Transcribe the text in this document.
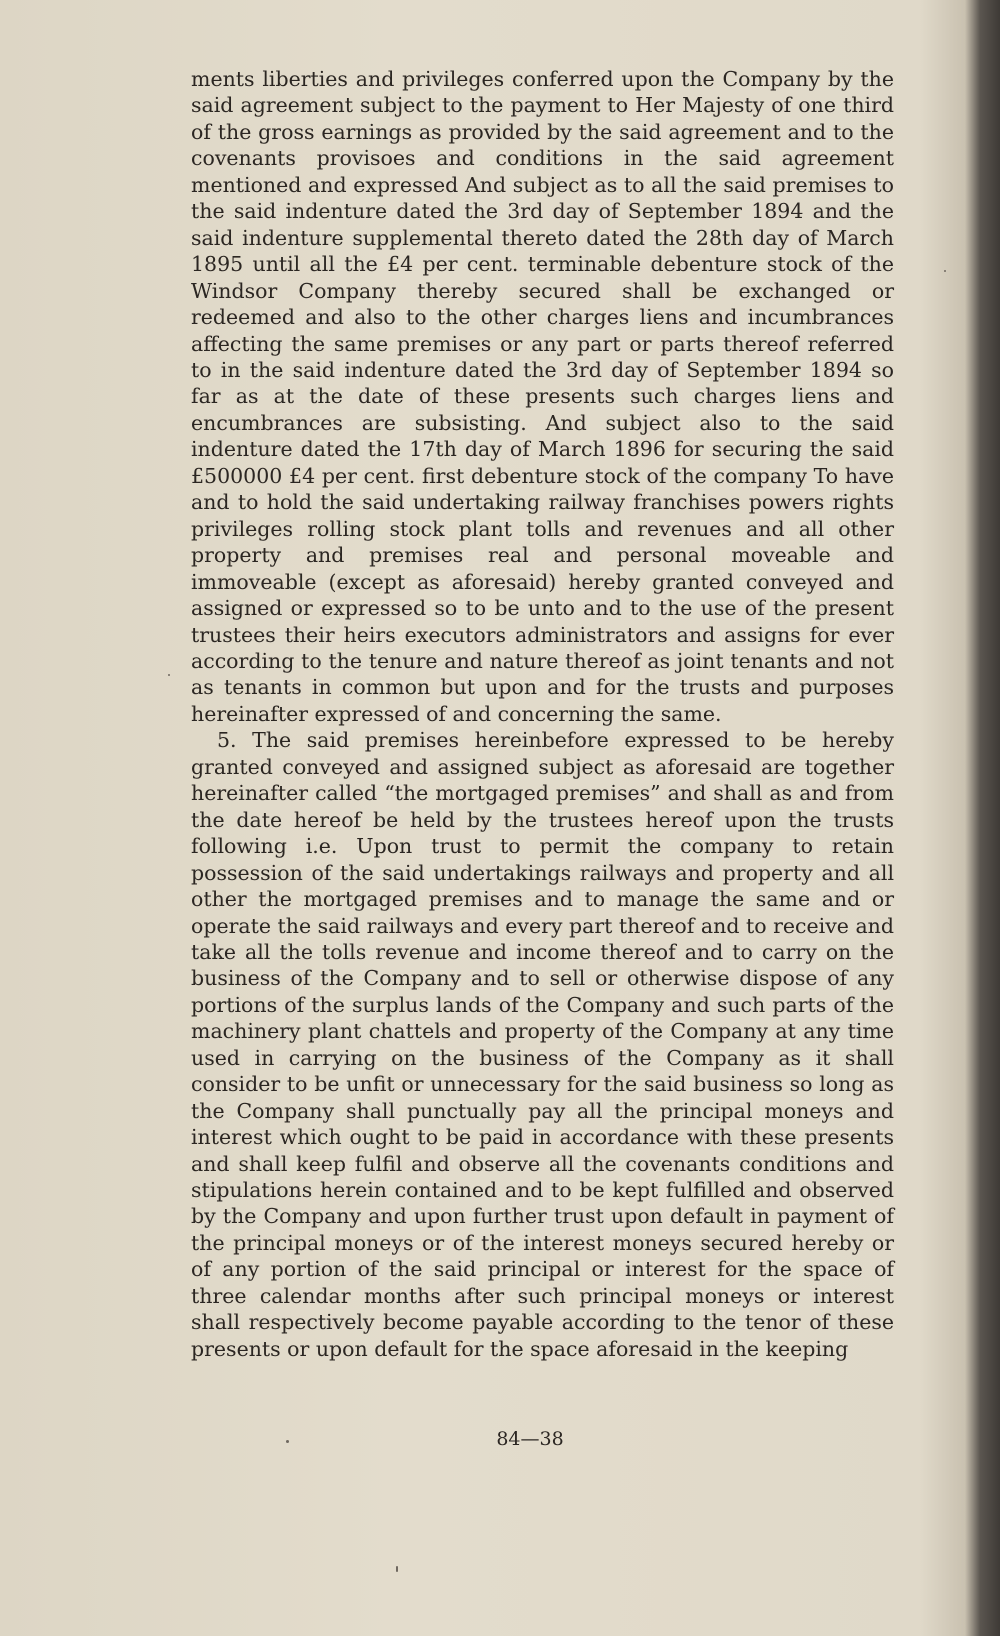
ments liberties and privileges conferred upon the Company by the said agreement subject to the payment to Her Majesty of one third of the gross earnings as provided by the said agreement and to the covenants provisoes and conditions in the said agreement mentioned and expressed And subject as to all the said premises to the said indenture dated the 3rd day of September 1894 and the said indenture supplemental thereto dated the 28th day of March 1895 until all the £4 per cent. terminable debenture stock of the Windsor Company thereby secured shall be exchanged or redeemed and also to the other charges liens and incumbrances affecting the same premises or any part or parts thereof referred to in the said indenture dated the 3rd day of September 1894 so far as at the date of these presents such charges liens and encumbrances are subsisting. And subject also to the said indenture dated the 17th day of March 1896 for securing the said £500000 £4 per cent. first debenture stock of the company To have and to hold the said undertaking railway franchises powers rights privileges rolling stock plant tolls and revenues and all other property and premises real and personal moveable and immoveable (except as aforesaid) hereby granted conveyed and assigned or expressed so to be unto and to the use of the present trustees their heirs executors administrators and assigns for ever according to the tenure and nature thereof as joint tenants and not as tenants in common but upon and for the trusts and purposes hereinafter expressed of and concerning the same.

5. The said premises hereinbefore expressed to be hereby granted conveyed and assigned subject as aforesaid are together hereinafter called “the mortgaged premises” and shall as and from the date hereof be held by the trustees hereof upon the trusts following i.e. Upon trust to permit the company to retain possession of the said undertakings railways and property and all other the mortgaged premises and to manage the same and or operate the said railways and every part thereof and to receive and take all the tolls revenue and income thereof and to carry on the business of the Company and to sell or otherwise dispose of any portions of the surplus lands of the Company and such parts of the machinery plant chattels and property of the Company at any time used in carrying on the business of the Company as it shall consider to be unfit or unnecessary for the said business so long as the Company shall punctually pay all the principal moneys and interest which ought to be paid in accordance with these presents and shall keep fulfil and observe all the covenants conditions and stipulations herein contained and to be kept fulfilled and observed by the Company and upon further trust upon default in payment of the principal moneys or of the interest moneys secured hereby or of any portion of the said principal or interest for the space of three calendar months after such principal moneys or interest shall respectively become payable according to the tenor of these presents or upon default for the space aforesaid in the keeping

84—38
